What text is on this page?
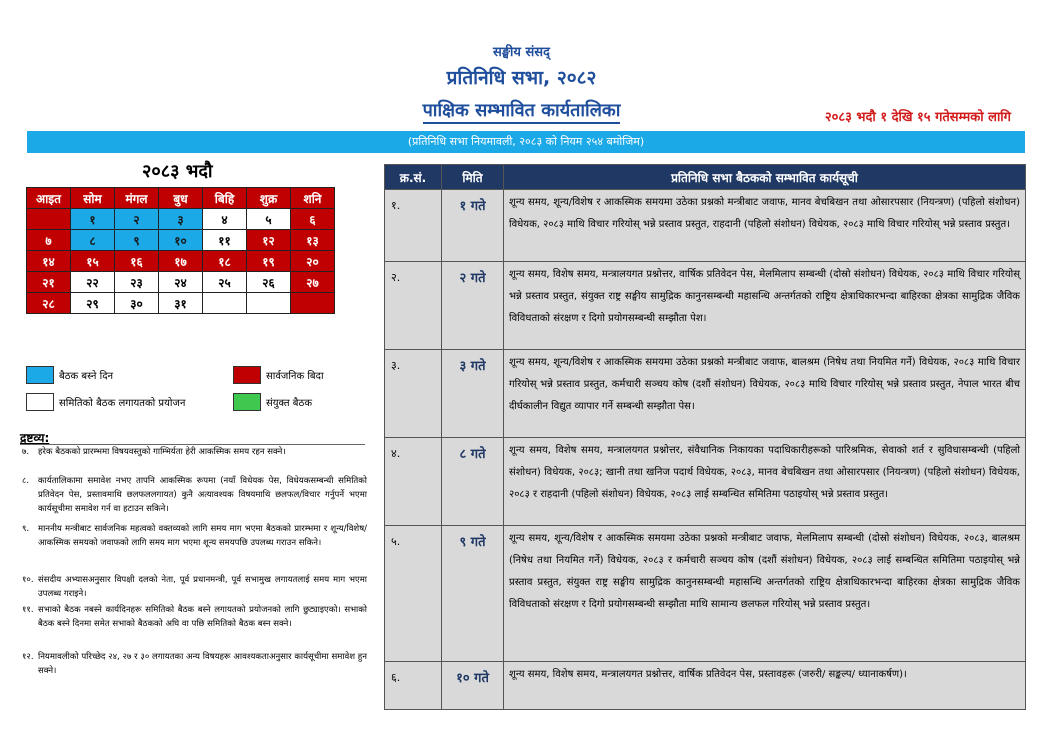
सङ्घीय संसद्
प्रतिनिधि सभा, २०८२
पाक्षिक सम्भावित कार्यतालिका	२०८३ भदौ १ देखि १५ गतेसम्मको लागि
(प्रतिनिधि सभा नियमावली, २०८३ को नियम २५४ बमोजिम)
२०८३ भदौ
आइत	सोम	मंगल	बुध	बिहि	शुक्र	शनि
	१	२	३	४	५	६
७	८	९	१०	११	१२	१३
१४	१५	१६	१७	१८	१९	२०
२१	२२	२३	२४	२५	२६	२७
२८	२९	३०	३१			
बैठक बस्ने दिन	सार्वजनिक बिदा
समितिको बैठक लगायतको प्रयोजन	संयुक्त बैठक
द्रष्टव्य:
७.	हरेक बैठकको प्रारम्भमा विषयवस्तुको गाम्भिर्यता हेरी आकस्मिक समय रहन सक्ने।
८.	कार्यतालिकामा समावेश नभए तापनि आकस्मिक रूपमा (नयाँ विधेयक पेस, विधेयकसम्बन्धी समितिको प्रतिवेदन पेस, प्रस्तावमाथि छलफललगायत) कुनै अत्यावश्यक विषयमाथि छलफल/विचार गर्नुपर्ने भएमा कार्यसूचीमा समावेश गर्न वा हटाउन सकिने।
९.	माननीय मन्त्रीबाट सार्वजनिक महत्वको वक्तव्यको लागि समय माग भएमा बैठकको प्रारम्भमा र शून्य/विशेष/आकस्मिक समयको जवाफको लागि समय माग भएमा शून्य समयपछि उपलब्ध गराउन सकिने।
१०. संसदीय अभ्यासअनुसार विपक्षी दलको नेता, पूर्व प्रधानमन्त्री, पूर्व सभामुख लगायतलाई समय माग भएमा उपलब्ध गराइने।
११. सभाको बैठक नबस्ने कार्यदिनहरू समितिको बैठक बस्ने लगायतको प्रयोजनको लागि छुट्याइएको। सभाको बैठक बस्ने दिनमा समेत सभाको बैठकको अघि वा पछि समितिको बैठक बस्न सक्ने।
१२. नियमावलीको परिच्छेद २४, २७ र ३० लगायतका अन्य विषयहरू आवश्यकताअनुसार कार्यसूचीमा समावेश हुन सक्ने।
क्र.सं.	मिति	प्रतिनिधि सभा बैठकको सम्भावित कार्यसूची
१.	१ गते	शून्य समय, शून्य/विशेष र आकस्मिक समयमा उठेका प्रश्नको मन्त्रीबाट जवाफ, मानव बेचबिखन तथा ओसारपसार (नियन्त्रण) (पहिलो संशोधन) विधेयक, २०८३ माथि विचार गरियोस् भन्ने प्रस्ताव प्रस्तुत, राहदानी (पहिलो संशोधन) विधेयक, २०८३ माथि विचार गरियोस् भन्ने प्रस्ताव प्रस्तुत।
२.	२ गते	शून्य समय, विशेष समय, मन्त्रालयगत प्रश्नोत्तर, वार्षिक प्रतिवेदन पेस, मेलमिलाप सम्बन्धी (दोस्रो संशोधन) विधेयक, २०८३ माथि विचार गरियोस् भन्ने प्रस्ताव प्रस्तुत, संयुक्त राष्ट्र सङ्घीय सामुद्रिक कानुनसम्बन्धी महासन्धि अन्तर्गतको राष्ट्रिय क्षेत्राधिकारभन्दा बाहिरका क्षेत्रका सामुद्रिक जैविक विविधताको संरक्षण र दिगो प्रयोगसम्बन्धी सम्झौता पेश।
३.	३ गते	शून्य समय, शून्य/विशेष र आकस्मिक समयमा उठेका प्रश्नको मन्त्रीबाट जवाफ, बालश्रम (निषेध तथा नियमित गर्ने) विधेयक, २०८३ माथि विचार गरियोस् भन्ने प्रस्ताव प्रस्तुत, कर्मचारी सञ्चय कोष (दशौं संशोधन) विधेयक, २०८३ माथि विचार गरियोस् भन्ने प्रस्ताव प्रस्तुत, नेपाल भारत बीच दीर्घकालीन विद्युत व्यापार गर्ने सम्बन्धी सम्झौता पेस।
४.	८ गते	शून्य समय, विशेष समय, मन्त्रालयगत प्रश्नोत्तर, संवैधानिक निकायका पदाधिकारीहरूको पारिश्रमिक, सेवाको शर्त र सुविधासम्बन्धी (पहिलो संशोधन) विधेयक, २०८३; खानी तथा खनिज पदार्थ विधेयक, २०८३, मानव बेचबिखन तथा ओसारपसार (नियन्त्रण) (पहिलो संशोधन) विधेयक, २०८३ र राहदानी (पहिलो संशोधन) विधेयक, २०८३ लाई सम्बन्धित समितिमा पठाइयोस् भन्ने प्रस्ताव प्रस्तुत।
५.	९ गते	शून्य समय, शून्य/विशेष र आकस्मिक समयमा उठेका प्रश्नको मन्त्रीबाट जवाफ, मेलमिलाप सम्बन्धी (दोस्रो संशोधन) विधेयक, २०८३, बालश्रम (निषेध तथा नियमित गर्ने) विधेयक, २०८३ र कर्मचारी सञ्चय कोष (दशौं संशोधन) विधेयक, २०८३ लाई सम्बन्धित समितिमा पठाइयोस् भन्ने प्रस्ताव प्रस्तुत, संयुक्त राष्ट्र सङ्घीय सामुद्रिक कानुनसम्बन्धी महासन्धि अन्तर्गतको राष्ट्रिय क्षेत्राधिकारभन्दा बाहिरका क्षेत्रका सामुद्रिक जैविक विविधताको संरक्षण र दिगो प्रयोगसम्बन्धी सम्झौता माथि सामान्य छलफल गरियोस् भन्ने प्रस्ताव प्रस्तुत।
६.	१० गते	शून्य समय, विशेष समय, मन्त्रालयगत प्रश्नोत्तर, वार्षिक प्रतिवेदन पेस, प्रस्तावहरू (जरुरी/ सङ्कल्प/ ध्यानाकर्षण)।
